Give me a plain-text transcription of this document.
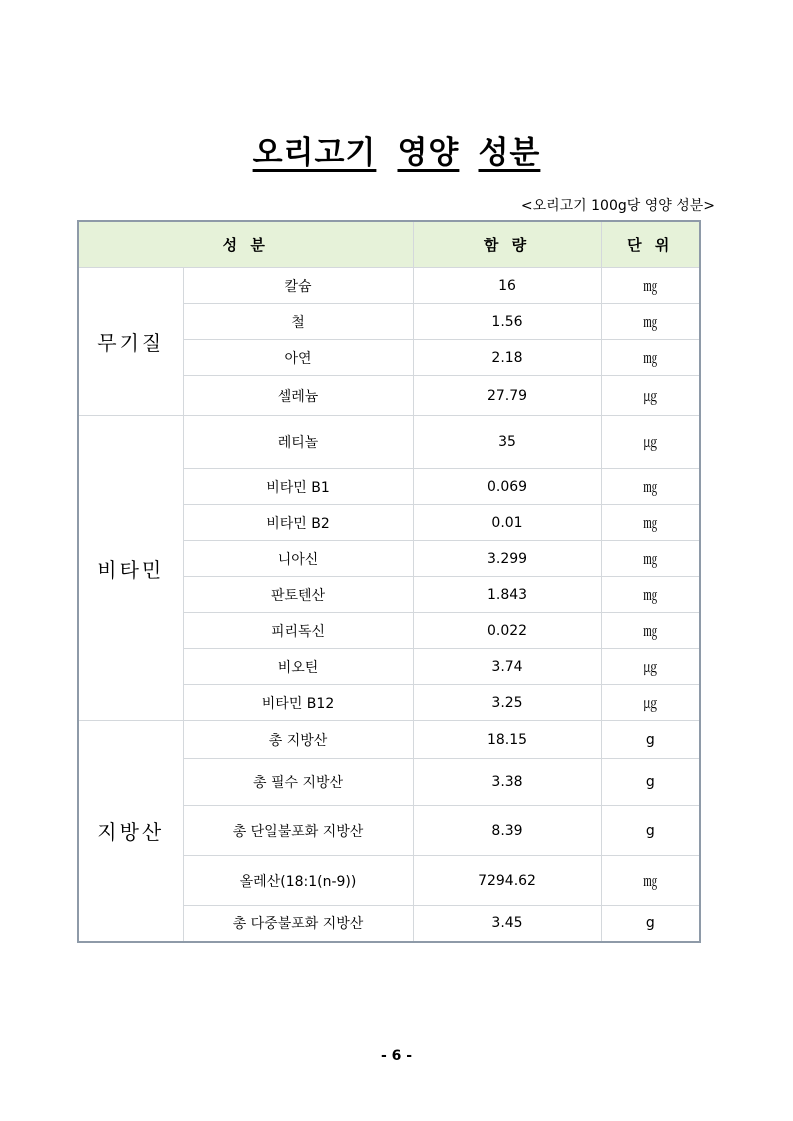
오리고기 영양 성분
<오리고기 100g당 영양 성분>
성 분		함 량	단 위
무기질	칼슘	16	㎎
	철	1.56	㎎
	아연	2.18	㎎
	셀레늄	27.79	㎍
비타민	레티놀	35	㎍
	비타민 B1	0.069	㎎
	비타민 B2	0.01	㎎
	니아신	3.299	㎎
	판토텐산	1.843	㎎
	피리독신	0.022	㎎
	비오틴	3.74	㎍
	비타민 B12	3.25	㎍
지방산	총 지방산	18.15	g
	총 필수 지방산	3.38	g
	총 단일불포화 지방산	8.39	g
	올레산(18:1(n-9))	7294.62	㎎
	총 다중불포화 지방산	3.45	g
- 6 -
